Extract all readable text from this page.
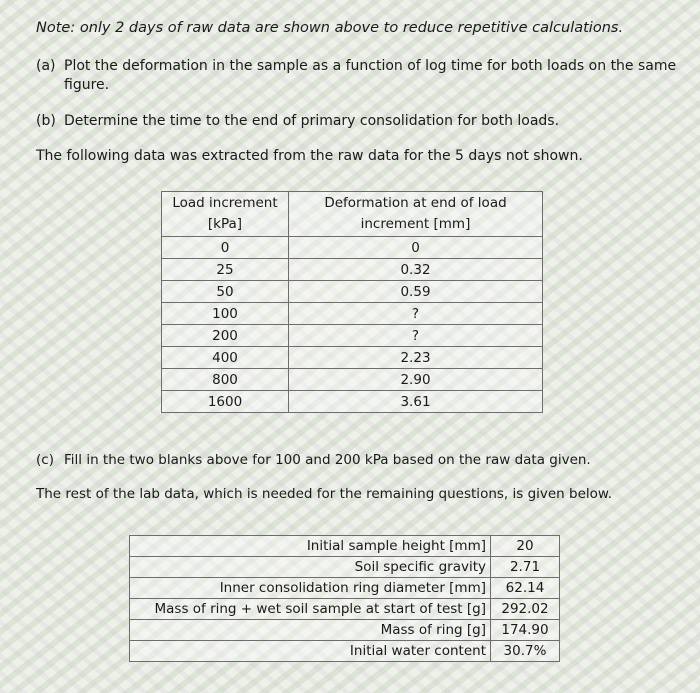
Note: only 2 days of raw data are shown above to reduce repetitive calculations.
(a) Plot the deformation in the sample as a function of log time for both loads on the same figure.
(b) Determine the time to the end of primary consolidation for both loads.
The following data was extracted from the raw data for the 5 days not shown.
Load increment [kPa]	Deformation at end of load increment [mm]
0	0
25	0.32
50	0.59
100	?
200	?
400	2.23
800	2.90
1600	3.61
(c) Fill in the two blanks above for 100 and 200 kPa based on the raw data given.
The rest of the lab data, which is needed for the remaining questions, is given below.
Initial sample height [mm]	20
Soil specific gravity	2.71
Inner consolidation ring diameter [mm]	62.14
Mass of ring + wet soil sample at start of test [g]	292.02
Mass of ring [g]	174.90
Initial water content	30.7%
